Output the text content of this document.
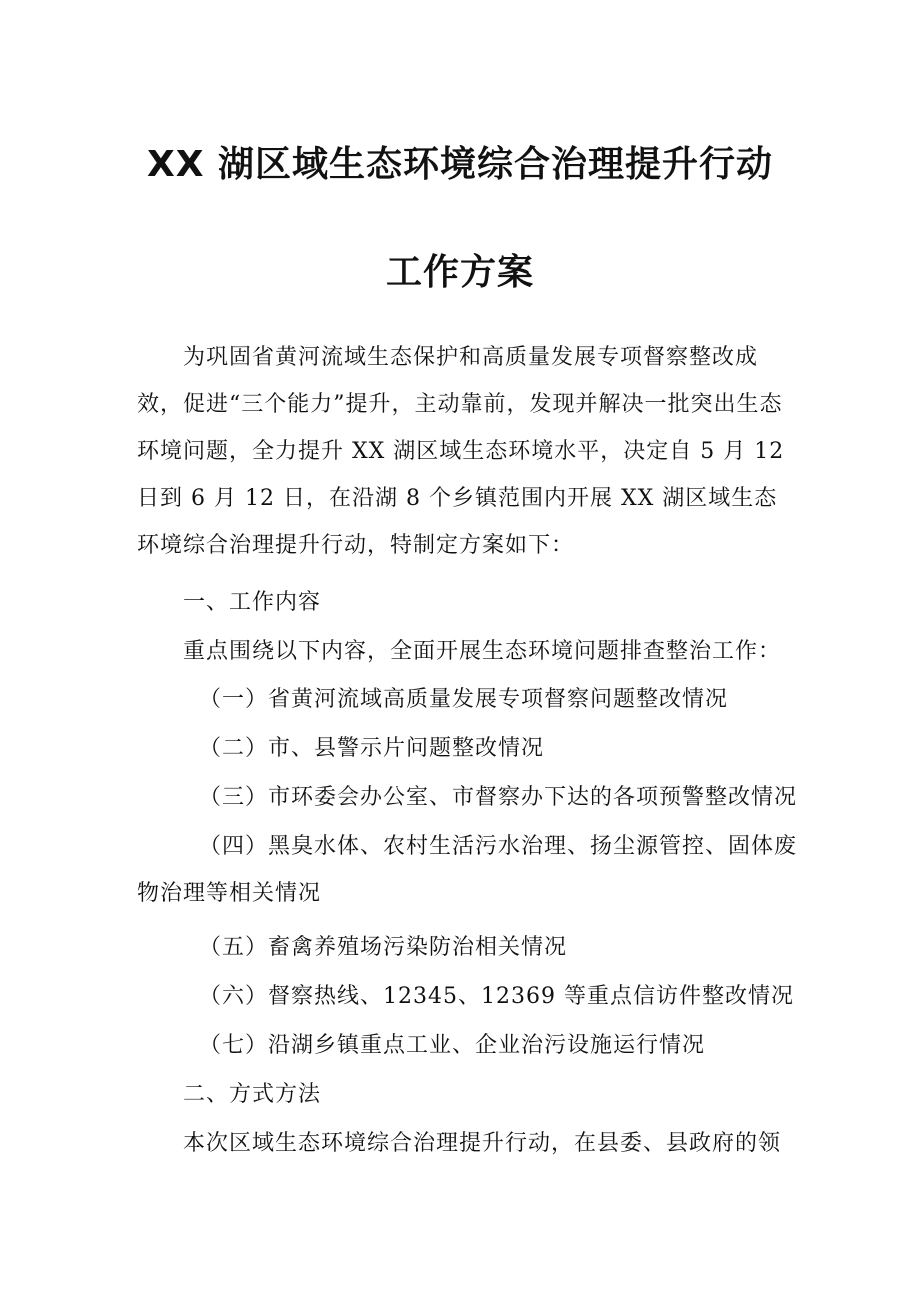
XX 湖区域生态环境综合治理提升行动
工作方案

为巩固省黄河流域生态保护和高质量发展专项督察整改成效，促进“三个能力”提升，主动靠前，发现并解决一批突出生态环境问题，全力提升 XX 湖区域生态环境水平，决定自 5 月 12 日到 6 月 12 日，在沿湖 8 个乡镇范围内开展 XX 湖区域生态环境综合治理提升行动，特制定方案如下：

一、工作内容

重点围绕以下内容，全面开展生态环境问题排查整治工作：

（一）省黄河流域高质量发展专项督察问题整改情况

（二）市、县警示片问题整改情况

（三）市环委会办公室、市督察办下达的各项预警整改情况

（四）黑臭水体、农村生活污水治理、扬尘源管控、固体废物治理等相关情况

（五）畜禽养殖场污染防治相关情况

（六）督察热线、12345、12369 等重点信访件整改情况

（七）沿湖乡镇重点工业、企业治污设施运行情况

二、方式方法

本次区域生态环境综合治理提升行动，在县委、县政府的领
